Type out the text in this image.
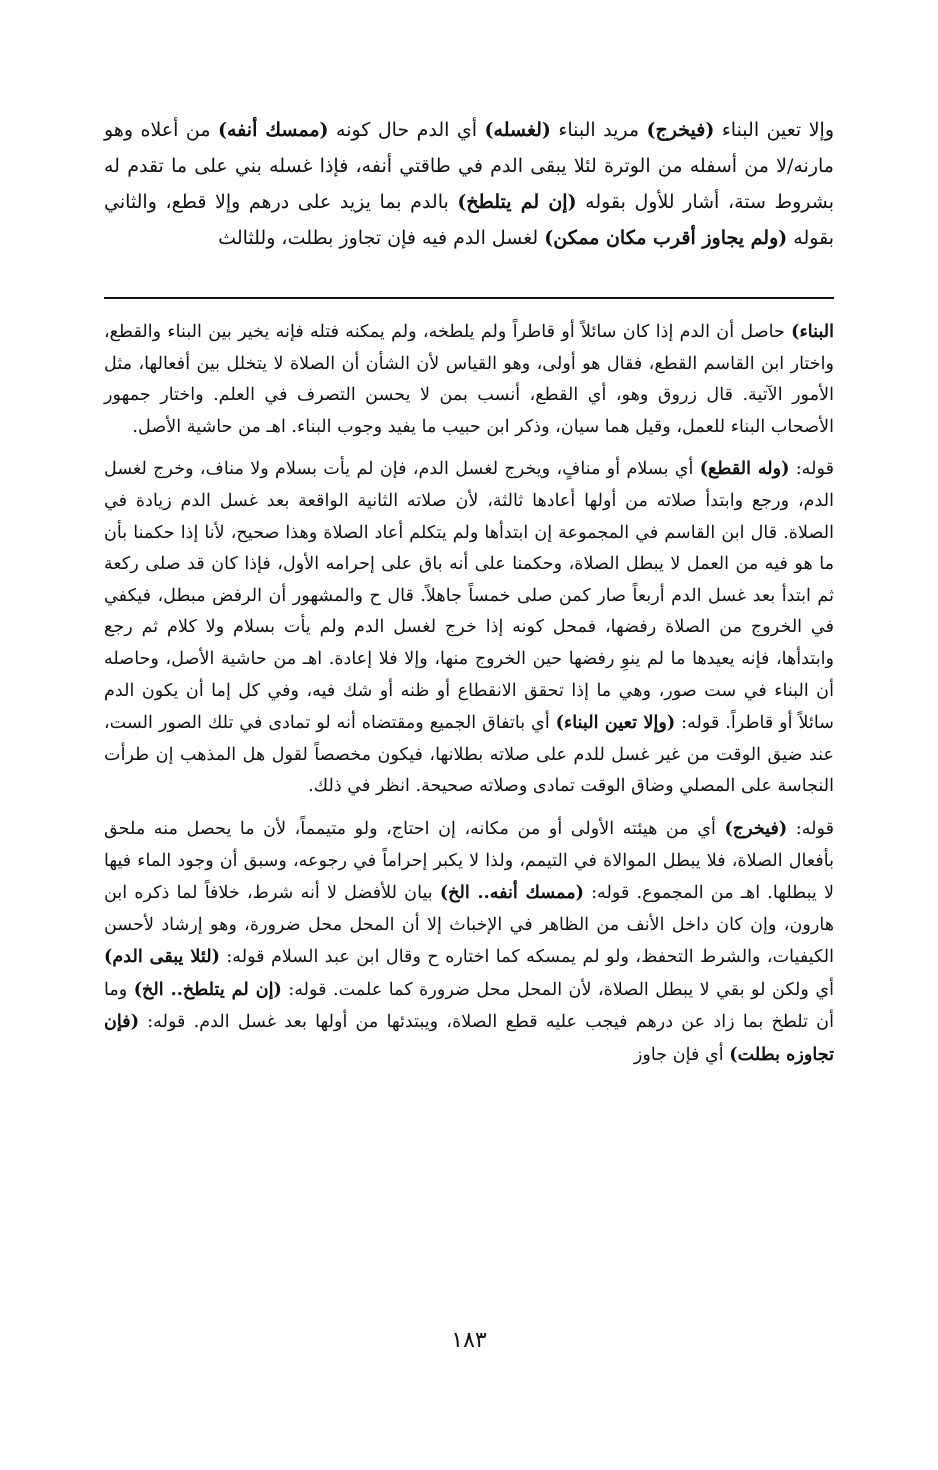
وإلا تعين البناء (فيخرج) مريد البناء (لغسله) أي الدم حال كونه (ممسك أنفه) من أعلاه وهو مارنه/لا من أسفله من الوترة لئلا يبقى الدم في طاقتي أنفه، فإذا غسله بني على ما تقدم له بشروط ستة، أشار للأول بقوله (إن لم يتلطخ) بالدم بما يزيد على درهم وإلا قطع، والثاني بقوله (ولم يجاوز أقرب مكان ممكن) لغسل الدم فيه فإن تجاوز بطلت، وللثالث

البناء) حاصل أن الدم إذا كان سائلاً أو قاطراً ولم يلطخه، ولم يمكنه فتله فإنه يخير بين البناء والقطع، واختار ابن القاسم القطع، فقال هو أولى، وهو القياس لأن الشأن أن الصلاة لا يتخلل بين أفعالها، مثل الأمور الآتية. قال زروق وهو، أي القطع، أنسب بمن لا يحسن التصرف في العلم. واختار جمهور الأصحاب البناء للعمل، وقيل هما سيان، وذكر ابن حبيب ما يفيد وجوب البناء. اهـ من حاشية الأصل.

قوله: (وله القطع) أي بسلام أو منافٍ، ويخرج لغسل الدم، فإن لم يأت بسلام ولا مناف، وخرج لغسل الدم، ورجع وابتدأ صلاته من أولها أعادها ثالثة، لأن صلاته الثانية الواقعة بعد غسل الدم زيادة في الصلاة. قال ابن القاسم في المجموعة إن ابتدأها ولم يتكلم أعاد الصلاة وهذا صحيح، لأنا إذا حكمنا بأن ما هو فيه من العمل لا يبطل الصلاة، وحكمنا على أنه باق على إحرامه الأول، فإذا كان قد صلى ركعة ثم ابتدأ بعد غسل الدم أربعاً صار كمن صلى خمساً جاهلاً. قال ح والمشهور أن الرفض مبطل، فيكفي في الخروج من الصلاة رفضها، فمحل كونه إذا خرج لغسل الدم ولم يأت بسلام ولا كلام ثم رجع وابتدأها، فإنه يعيدها ما لم ينوِ رفضها حين الخروج منها، وإلا فلا إعادة. اهـ من حاشية الأصل، وحاصله أن البناء في ست صور، وهي ما إذا تحقق الانقطاع أو ظنه أو شك فيه، وفي كل إما أن يكون الدم سائلاً أو قاطراً. قوله: (وإلا تعين البناء) أي باتفاق الجميع ومقتضاه أنه لو تمادى في تلك الصور الست، عند ضيق الوقت من غير غسل للدم على صلاته بطلانها، فيكون مخصصاً لقول هل المذهب إن طرأت النجاسة على المصلي وضاق الوقت تمادى وصلاته صحيحة. انظر في ذلك.

قوله: (فيخرج) أي من هيئته الأولى أو من مكانه، إن احتاج، ولو متيمماً، لأن ما يحصل منه ملحق بأفعال الصلاة، فلا يبطل الموالاة في التيمم، ولذا لا يكبر إحراماً في رجوعه، وسبق أن وجود الماء فيها لا يبطلها. اهـ من المجموع. قوله: (ممسك أنفه.. الخ) بيان للأفضل لا أنه شرط، خلافاً لما ذكره ابن هارون، وإن كان داخل الأنف من الظاهر في الإخباث إلا أن المحل محل ضرورة، وهو إرشاد لأحسن الكيفيات، والشرط التحفظ، ولو لم يمسكه كما اختاره ح وقال ابن عبد السلام قوله: (لئلا يبقى الدم) أي ولكن لو بقي لا يبطل الصلاة، لأن المحل محل ضرورة كما علمت. قوله: (إن لم يتلطخ.. الخ) وما أن تلطخ بما زاد عن درهم فيجب عليه قطع الصلاة، ويبتدئها من أولها بعد غسل الدم. قوله: (فإن تجاوزه بطلت) أي فإن جاوز

١٨٣
